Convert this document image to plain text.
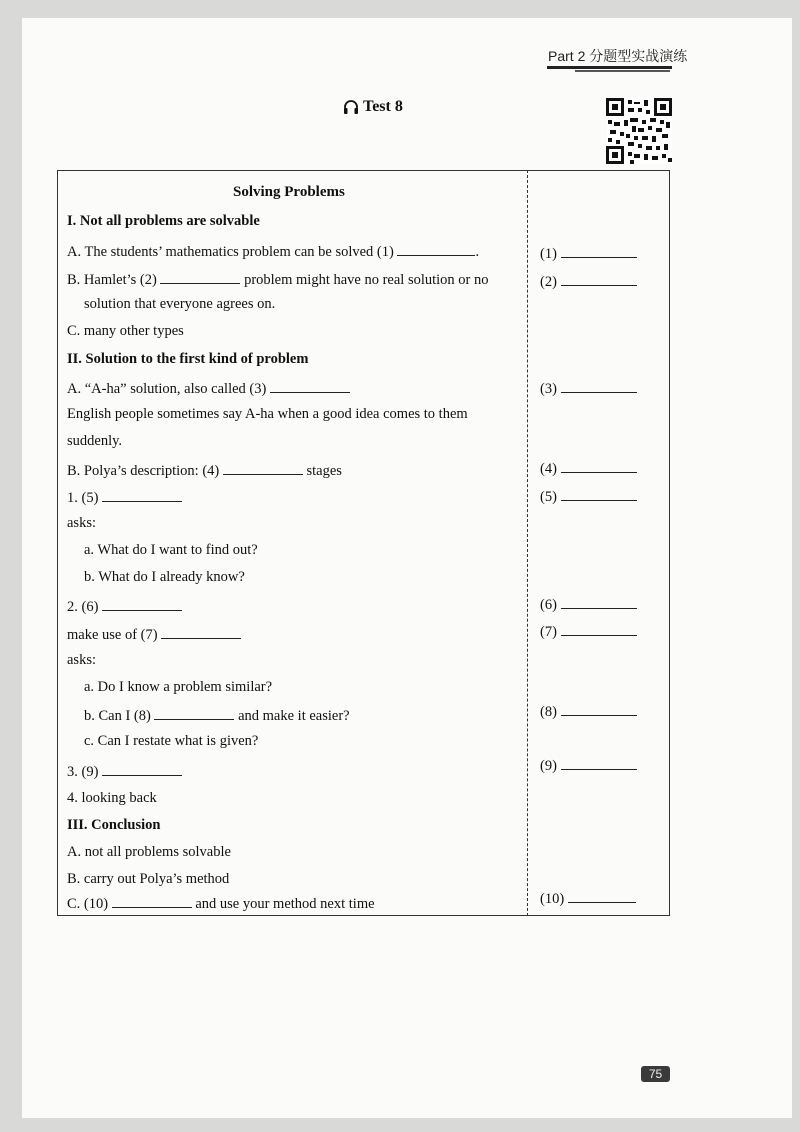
Part 2 分题型实战演练
Test 8
Solving Problems
I. Not all problems are solvable
A. The students’ mathematics problem can be solved (1)	.
B. Hamlet’s (2)	problem might have no real solution or no
solution that everyone agrees on.
C. many other types
II. Solution to the first kind of problem
A. “A-ha” solution, also called (3)
English people sometimes say A-ha when a good idea comes to them
suddenly.
B. Polya’s description: (4)	stages
1. (5)
asks:
a. What do I want to find out?
b. What do I already know?
2. (6)
make use of (7)
asks:
a. Do I know a problem similar?
b. Can I (8)	and make it easier?
c. Can I restate what is given?
3. (9)
4. looking back
III. Conclusion
A. not all problems solvable
B. carry out Polya’s method
C. (10)	and use your method next time
(1)
(2)
(3)
(4)
(5)
(6)
(7)
(8)
(9)
(10)
75
